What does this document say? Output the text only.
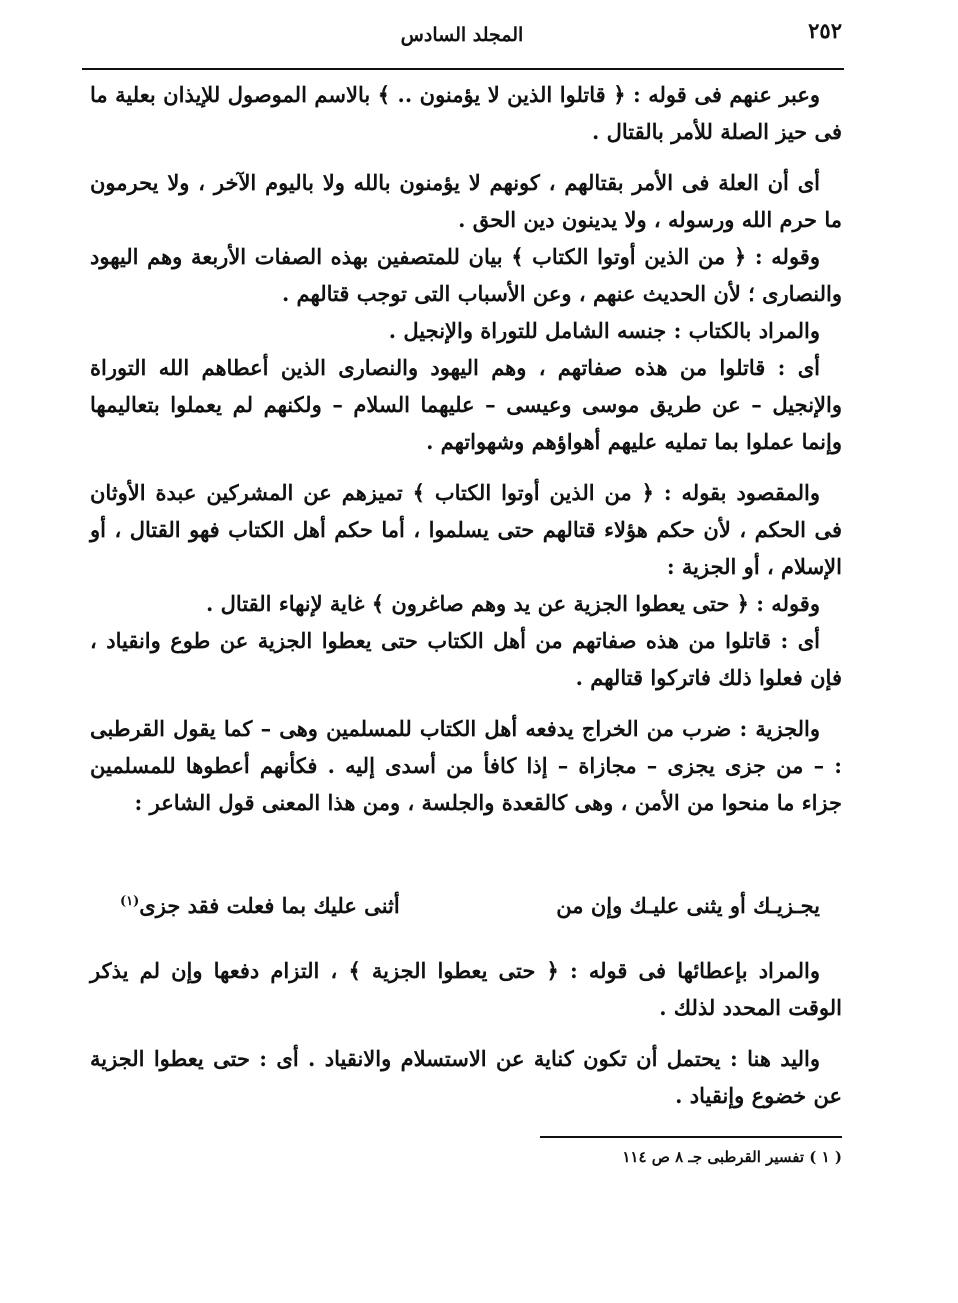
٢٥٢
المجلد السادس

وعبر عنهم فى قوله : ﴿ قاتلوا الذين لا يؤمنون .. ﴾ بالاسم الموصول للإيذان بعلية ما فى حيز الصلة للأمر بالقتال .

أى أن العلة فى الأمر بقتالهم ، كونهم لا يؤمنون بالله ولا باليوم الآخر ، ولا يحرمون ما حرم الله ورسوله ، ولا يدينون دين الحق .

وقوله : ﴿ من الذين أوتوا الكتاب ﴾ بيان للمتصفين بهذه الصفات الأربعة وهم اليهود والنصارى ؛ لأن الحديث عنهم ، وعن الأسباب التى توجب قتالهم .

والمراد بالكتاب : جنسه الشامل للتوراة والإنجيل .

أى : قاتلوا من هذه صفاتهم ، وهم اليهود والنصارى الذين أعطاهم الله التوراة والإنجيل – عن طريق موسى وعيسى – عليهما السلام – ولكنهم لم يعملوا بتعاليمها وإنما عملوا بما تمليه عليهم أهواؤهم وشهواتهم .

والمقصود بقوله : ﴿ من الذين أوتوا الكتاب ﴾ تميزهم عن المشركين عبدة الأوثان فى الحكم ، لأن حكم هؤلاء قتالهم حتى يسلموا ، أما حكم أهل الكتاب فهو القتال ، أو الإسلام ، أو الجزية :

وقوله : ﴿ حتى يعطوا الجزية عن يد وهم صاغرون ﴾ غاية لإنهاء القتال .

أى : قاتلوا من هذه صفاتهم من أهل الكتاب حتى يعطوا الجزية عن طوع وانقياد ، فإن فعلوا ذلك فاتركوا قتالهم .

والجزية : ضرب من الخراج يدفعه أهل الكتاب للمسلمين وهى – كما يقول القرطبى : – من جزى يجزى – مجازاة – إذا كافأ من أسدى إليه . فكأنهم أعطوها للمسلمين جزاء ما منحوا من الأمن ، وهى كالقعدة والجلسة ، ومن هذا المعنى قول الشاعر :

يجـزيـك أو يثنى عليـك وإن من
أثنى عليك بما فعلت فقد جزى$^{(١)}$

والمراد بإعطائها فى قوله : ﴿ حتى يعطوا الجزية ﴾ ، التزام دفعها وإن لم يذكر الوقت المحدد لذلك .

واليد هنا : يحتمل أن تكون كناية عن الاستسلام والانقياد . أى : حتى يعطوا الجزية عن خضوع وإنقياد .

( ١ ) تفسير القرطبى جـ ٨ ص ١١٤
